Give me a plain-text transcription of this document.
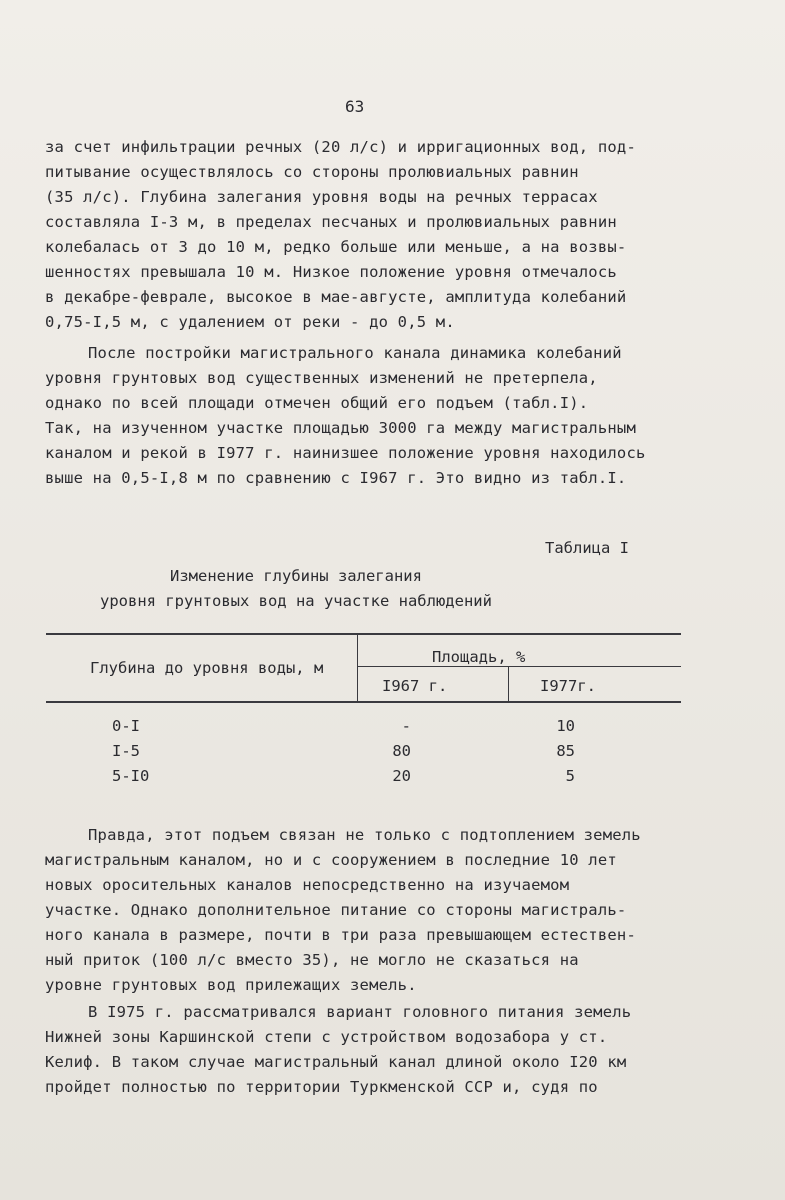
63
за счет инфильтрации речных (20 л/с) и ирригационных вод, под-
питывание осуществлялось со стороны пролювиальных равнин
(35 л/с). Глубина залегания уровня воды на речных террасах
составляла I-3 м, в пределах песчаных и пролювиальных равнин
колебалась от 3 до 10 м, редко больше или меньше, а на возвы-
шенностях превышала 10 м. Низкое положение уровня отмечалось
в декабре-феврале, высокое в мае-августе, амплитуда колебаний
0,75-I,5 м, с удалением от реки - до 0,5 м.
После постройки магистрального канала динамика колебаний
уровня грунтовых вод существенных изменений не претерпела,
однако по всей площади отмечен общий его подъем (табл.I).
Так, на изученном участке площадью 3000 га между магистральным
каналом и рекой в I977 г. наинизшее положение уровня находилось
выше на 0,5-I,8 м по сравнению с I967 г. Это видно из табл.I.
Таблица I
Изменение глубины залегания
уровня грунтовых вод на участке наблюдений
Глубина до уровня воды, м
Площадь, %
I967 г.	I977г.
0-I	-	10
I-5	80	85
5-I0	20	5
Правда, этот подъем связан не только с подтоплением земель
магистральным каналом, но и с сооружением в последние 10 лет
новых оросительных каналов непосредственно на изучаемом
участке. Однако дополнительное питание со стороны магистраль-
ного канала в размере, почти в три раза превышающем естествен-
ный приток (100 л/с вместо 35), не могло не сказаться на
уровне грунтовых вод прилежащих земель.
В I975 г. рассматривался вариант головного питания земель
Нижней зоны Каршинской степи с устройством водозабора у ст.
Келиф. В таком случае магистральный канал длиной около I20 км
пройдет полностью по территории Туркменской ССР и, судя по
